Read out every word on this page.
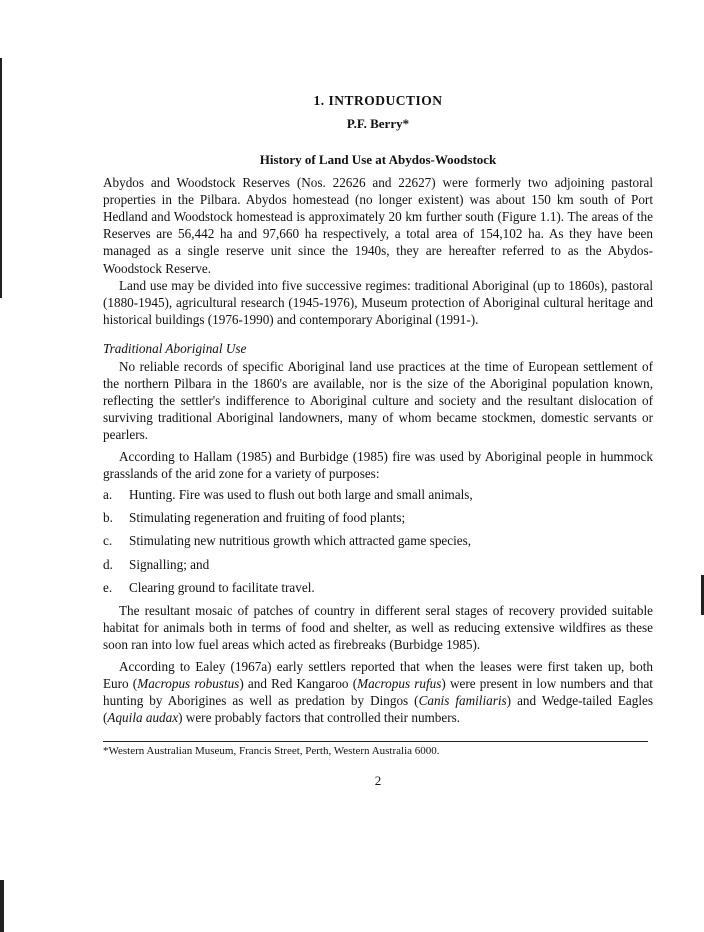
1. INTRODUCTION
P.F. Berry*
History of Land Use at Abydos-Woodstock

Abydos and Woodstock Reserves (Nos. 22626 and 22627) were formerly two adjoining pastoral properties in the Pilbara. Abydos homestead (no longer existent) was about 150 km south of Port Hedland and Woodstock homestead is approximately 20 km further south (Figure 1.1). The areas of the Reserves are 56,442 ha and 97,660 ha respectively, a total area of 154,102 ha. As they have been managed as a single reserve unit since the 1940s, they are hereafter referred to as the Abydos-Woodstock Reserve.

Land use may be divided into five successive regimes: traditional Aboriginal (up to 1860s), pastoral (1880-1945), agricultural research (1945-1976), Museum protection of Aboriginal cultural heritage and historical buildings (1976-1990) and contemporary Aboriginal (1991-).

Traditional Aboriginal Use

No reliable records of specific Aboriginal land use practices at the time of European settlement of the northern Pilbara in the 1860's are available, nor is the size of the Aboriginal population known, reflecting the settler's indifference to Aboriginal culture and society and the resultant dislocation of surviving traditional Aboriginal landowners, many of whom became stockmen, domestic servants or pearlers.

According to Hallam (1985) and Burbidge (1985) fire was used by Aboriginal people in hummock grasslands of the arid zone for a variety of purposes:

a.	Hunting. Fire was used to flush out both large and small animals,
b.	Stimulating regeneration and fruiting of food plants;
c.	Stimulating new nutritious growth which attracted game species,
d.	Signalling; and
e.	Clearing ground to facilitate travel.

The resultant mosaic of patches of country in different seral stages of recovery provided suitable habitat for animals both in terms of food and shelter, as well as reducing extensive wildfires as these soon ran into low fuel areas which acted as firebreaks (Burbidge 1985).

According to Ealey (1967a) early settlers reported that when the leases were first taken up, both Euro (Macropus robustus) and Red Kangaroo (Macropus rufus) were present in low numbers and that hunting by Aborigines as well as predation by Dingos (Canis familiaris) and Wedge-tailed Eagles (Aquila audax) were probably factors that controlled their numbers.

*Western Australian Museum, Francis Street, Perth, Western Australia 6000.
2
